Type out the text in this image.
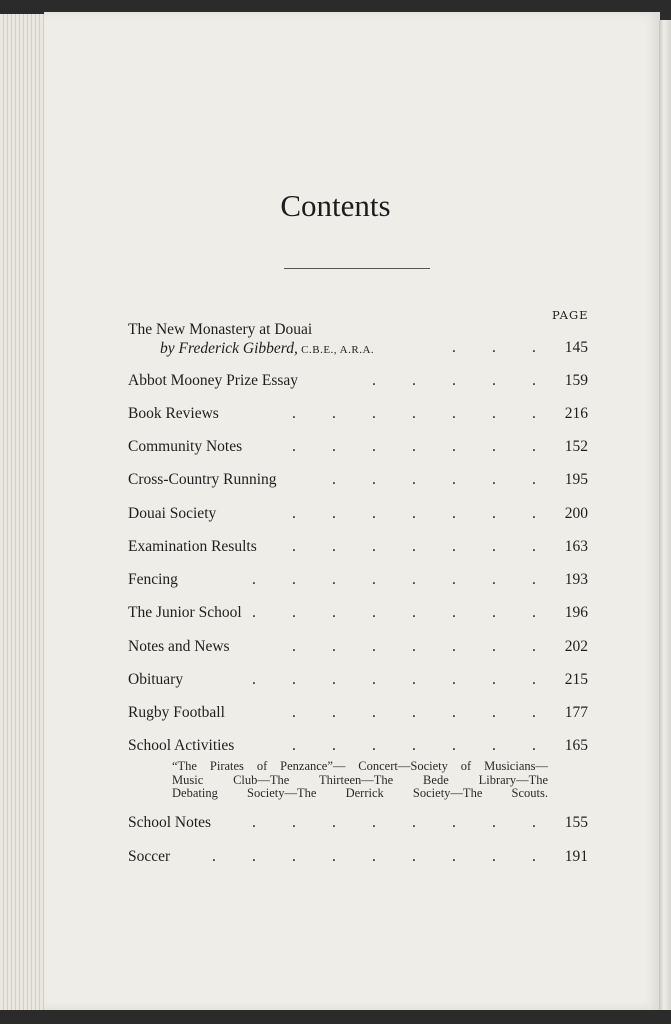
Contents
PAGE
The New Monastery at Douai
by Frederick Gibberd, C.B.E., A.R.A.	. . . 145
Abbot Mooney Prize Essay	. . . . . 159
Book Reviews	. . . . . . . 216
Community Notes	. . . . . . . 152
Cross-Country Running	. . . . . . 195
Douai Society	. . . . . . . 200
Examination Results . . . . . . . 163
Fencing	. . . . . . . . 193
The Junior School . . . . . . . . 196
Notes and News	. . . . . . . 202
Obituary	. . . . . . . . 215
Rugby Football	. . . . . . . 177
School Activities	. . . . . . . 165
School Notes	. . . . . . . . 155
Soccer	. . . . . . . . . 191
“The Pirates of Penzance”— Concert—Society of Musicians—
Music Club—The Thirteen—The Bede Library—The
Debating Society—The Derrick Society—The Scouts.
